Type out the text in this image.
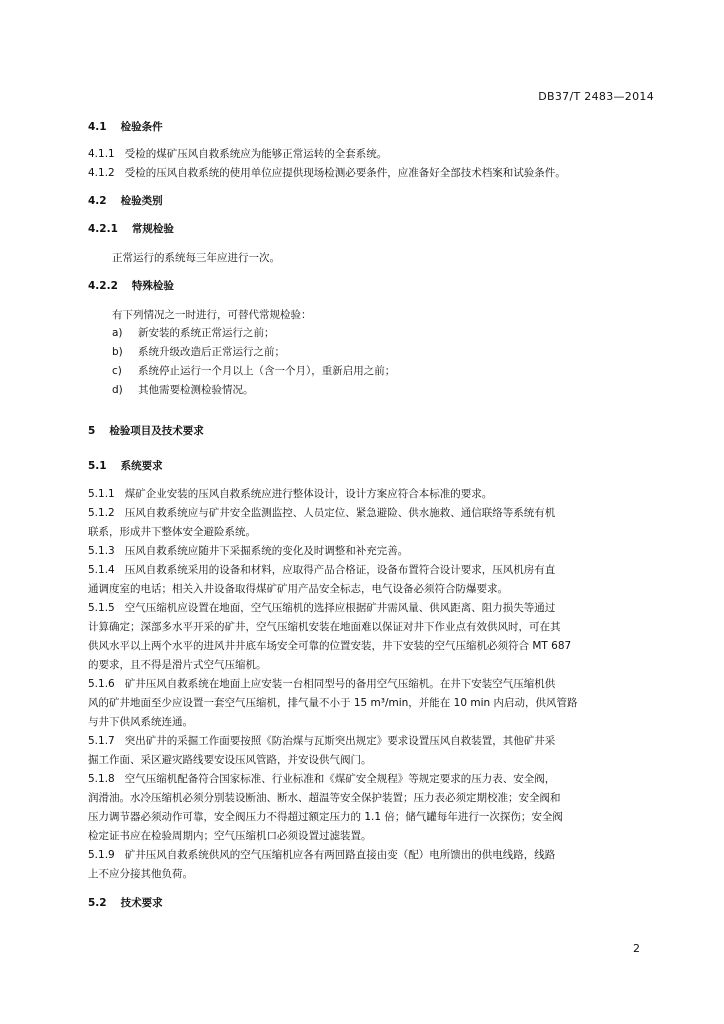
DB37/T 2483—2014
4.1 检验条件
4.1.1 受检的煤矿压风自救系统应为能够正常运转的全套系统。
4.1.2 受检的压风自救系统的使用单位应提供现场检测必要条件，应准备好全部技术档案和试验条件。
4.2 检验类别
4.2.1 常规检验
正常运行的系统每三年应进行一次。
4.2.2 特殊检验
有下列情况之一时进行，可替代常规检验：
a) 新安装的系统正常运行之前；
b) 系统升级改造后正常运行之前；
c) 系统停止运行一个月以上（含一个月），重新启用之前；
d) 其他需要检测检验情况。
5 检验项目及技术要求
5.1 系统要求
5.1.1 煤矿企业安装的压风自救系统应进行整体设计，设计方案应符合本标准的要求。
5.1.2 压风自救系统应与矿井安全监测监控、人员定位、紧急避险、供水施救、通信联络等系统有机
联系，形成井下整体安全避险系统。
5.1.3 压风自救系统应随井下采掘系统的变化及时调整和补充完善。
5.1.4 压风自救系统采用的设备和材料，应取得产品合格证，设备布置符合设计要求，压风机房有直
通调度室的电话；相关入井设备取得煤矿矿用产品安全标志，电气设备必须符合防爆要求。
5.1.5 空气压缩机应设置在地面，空气压缩机的选择应根据矿井需风量、供风距离、阻力损失等通过
计算确定；深部多水平开采的矿井，空气压缩机安装在地面难以保证对井下作业点有效供风时，可在其
供风水平以上两个水平的进风井井底车场安全可靠的位置安装，井下安装的空气压缩机必须符合 MT 687
的要求，且不得是滑片式空气压缩机。
5.1.6 矿井压风自救系统在地面上应安装一台相同型号的备用空气压缩机。在井下安装空气压缩机供
风的矿井地面至少应设置一套空气压缩机，排气量不小于 15 m³/min，并能在 10 min 内启动，供风管路
与井下供风系统连通。
5.1.7 突出矿井的采掘工作面要按照《防治煤与瓦斯突出规定》要求设置压风自救装置，其他矿井采
掘工作面、采区避灾路线要安设压风管路，并安设供气阀门。
5.1.8 空气压缩机配备符合国家标准、行业标准和《煤矿安全规程》等规定要求的压力表、安全阀，
润滑油。水冷压缩机必须分别装设断油、断水、超温等安全保护装置；压力表必须定期校准；安全阀和
压力调节器必须动作可靠，安全阀压力不得超过额定压力的 1.1 倍；储气罐每年进行一次探伤；安全阀
检定证书应在检验周期内；空气压缩机口必须设置过滤装置。
5.1.9 矿井压风自救系统供风的空气压缩机应各有两回路直接由变（配）电所馈出的供电线路，线路
上不应分接其他负荷。
5.2 技术要求
2
